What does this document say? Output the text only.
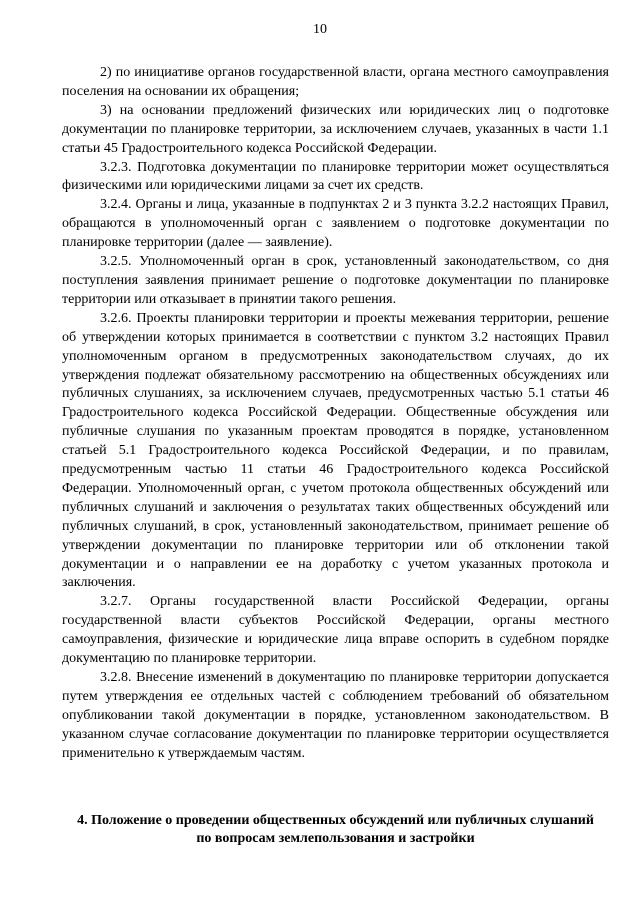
10

2) по инициативе органов государственной власти, органа местного самоуправления поселения на основании их обращения;

3) на основании предложений физических или юридических лиц о подготовке документации по планировке территории, за исключением случаев, указанных в части 1.1 статьи 45 Градостроительного кодекса Российской Федерации.

3.2.3. Подготовка документации по планировке территории может осуществляться физическими или юридическими лицами за счет их средств.

3.2.4. Органы и лица, указанные в подпунктах 2 и 3 пункта 3.2.2 настоящих Правил, обращаются в уполномоченный орган с заявлением о подготовке документации по планировке территории (далее — заявление).

3.2.5. Уполномоченный орган в срок, установленный законодательством, со дня поступления заявления принимает решение о подготовке документации по планировке территории или отказывает в принятии такого решения.

3.2.6. Проекты планировки территории и проекты межевания территории, решение об утверждении которых принимается в соответствии с пунктом 3.2 настоящих Правил уполномоченным органом в предусмотренных законодательством случаях, до их утверждения подлежат обязательному рассмотрению на общественных обсуждениях или публичных слушаниях, за исключением случаев, предусмотренных частью 5.1 статьи 46 Градостроительного кодекса Российской Федерации. Общественные обсуждения или публичные слушания по указанным проектам проводятся в порядке, установленном статьей 5.1 Градостроительного кодекса Российской Федерации, и по правилам, предусмотренным частью 11 статьи 46 Градостроительного кодекса Российской Федерации. Уполномоченный орган, с учетом протокола общественных обсуждений или публичных слушаний и заключения о результатах таких общественных обсуждений или публичных слушаний, в срок, установленный законодательством, принимает решение об утверждении документации по планировке территории или об отклонении такой документации и о направлении ее на доработку с учетом указанных протокола и заключения.

3.2.7. Органы государственной власти Российской Федерации, органы государственной власти субъектов Российской Федерации, органы местного самоуправления, физические и юридические лица вправе оспорить в судебном порядке документацию по планировке территории.

3.2.8. Внесение изменений в документацию по планировке территории допускается путем утверждения ее отдельных частей с соблюдением требований об обязательном опубликовании такой документации в порядке, установленном законодательством. В указанном случае согласование документации по планировке территории осуществляется применительно к утверждаемым частям.

4. Положение о проведении общественных обсуждений или публичных слушаний по вопросам землепользования и застройки
